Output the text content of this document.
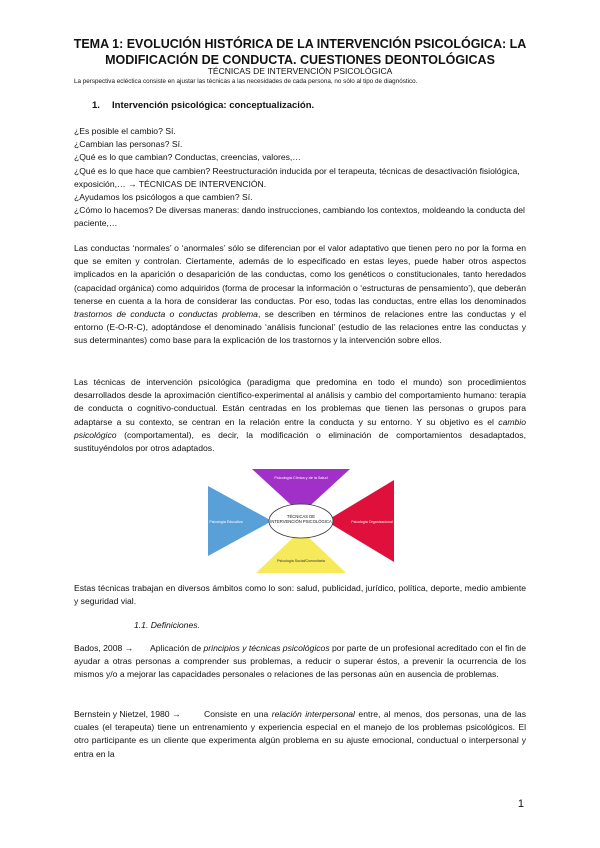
TEMA 1: EVOLUCIÓN HISTÓRICA DE LA INTERVENCIÓN PSICOLÓGICA: LA MODIFICACIÓN DE CONDUCTA. CUESTIONES DEONTOLÓGICAS
TÉCNICAS DE INTERVENCIÓN PSICOLÓGICA
La perspectiva ecléctica consiste en ajustar las técnicas a las necesidades de cada persona, no sólo al tipo de diagnóstico.
1. Intervención psicológica: conceptualización.

¿Es posible el cambio? Sí.

¿Cambian las personas? Sí.

¿Qué es lo que cambian? Conductas, creencias, valores,…

¿Qué es lo que hace que cambien? Reestructuración inducida por el terapeuta, técnicas de desactivación fisiológica, exposición,… → TÉCNICAS DE INTERVENCIÓN.

¿Ayudamos los psicólogos a que cambien? Sí.

¿Cómo lo hacemos? De diversas maneras: dando instrucciones, cambiando los contextos, moldeando la conducta del paciente,…

Las conductas ‘normales’ o ‘anormales’ sólo se diferencian por el valor adaptativo que tienen pero no por la forma en que se emiten y controlan. Ciertamente, además de lo especificado en estas leyes, puede haber otros aspectos implicados en la aparición o desaparición de las conductas, como los genéticos o constitucionales, tanto heredados (capacidad orgánica) como adquiridos (forma de procesar la información o ‘estructuras de pensamiento’), que deberán tenerse en cuenta a la hora de considerar las conductas. Por eso, todas las conductas, entre ellas los denominados trastornos de conducta o conductas problema, se describen en términos de relaciones entre las conductas y el entorno (E-O-R-C), adoptándose el denominado ‘análisis funcional’ (estudio de las relaciones entre las conductas y sus determinantes) como base para la explicación de los trastornos y la intervención sobre ellos.

Las técnicas de intervención psicológica (paradigma que predomina en todo el mundo) son procedimientos desarrollados desde la aproximación científico-experimental al análisis y cambio del comportamiento humano: terapia de conducta o cognitivo-conductual. Están centradas en los problemas que tienen las personas o grupos para adaptarse a su contexto, se centran en la relación entre la conducta y su entorno. Y su objetivo es el cambio psicológico (comportamental), es decir, la modificación o eliminación de comportamientos desadaptados, sustituyéndolos por otros adaptados.

TÉCNICAS DE INTERVENCIÓN PSICOLÓGICA
Psicología Clínica y de la Salud
Psicología Organizacional
Psicología Social/Comunitaria
Psicología Educativa

Estas técnicas trabajan en diversos ámbitos como lo son: salud, publicidad, jurídico, política, deporte, medio ambiente y seguridad vial.

1.1. Definiciones.
Bados, 2008 →	Aplicación de principios y técnicas psicológicos por parte de un profesional acreditado con el fin de ayudar a otras personas a comprender sus problemas, a reducir o superar éstos, a prevenir la ocurrencia de los mismos y/o a mejorar las capacidades personales o relaciones de las personas aún en ausencia de problemas.
Bernstein y Nietzel, 1980 →	Consiste en una relación interpersonal entre, al menos, dos personas, una de las cuales (el terapeuta) tiene un entrenamiento y experiencia especial en el manejo de los problemas psicológicos. El otro participante es un cliente que experimenta algún problema en su ajuste emocional, conductual o interpersonal y entra en la
1
